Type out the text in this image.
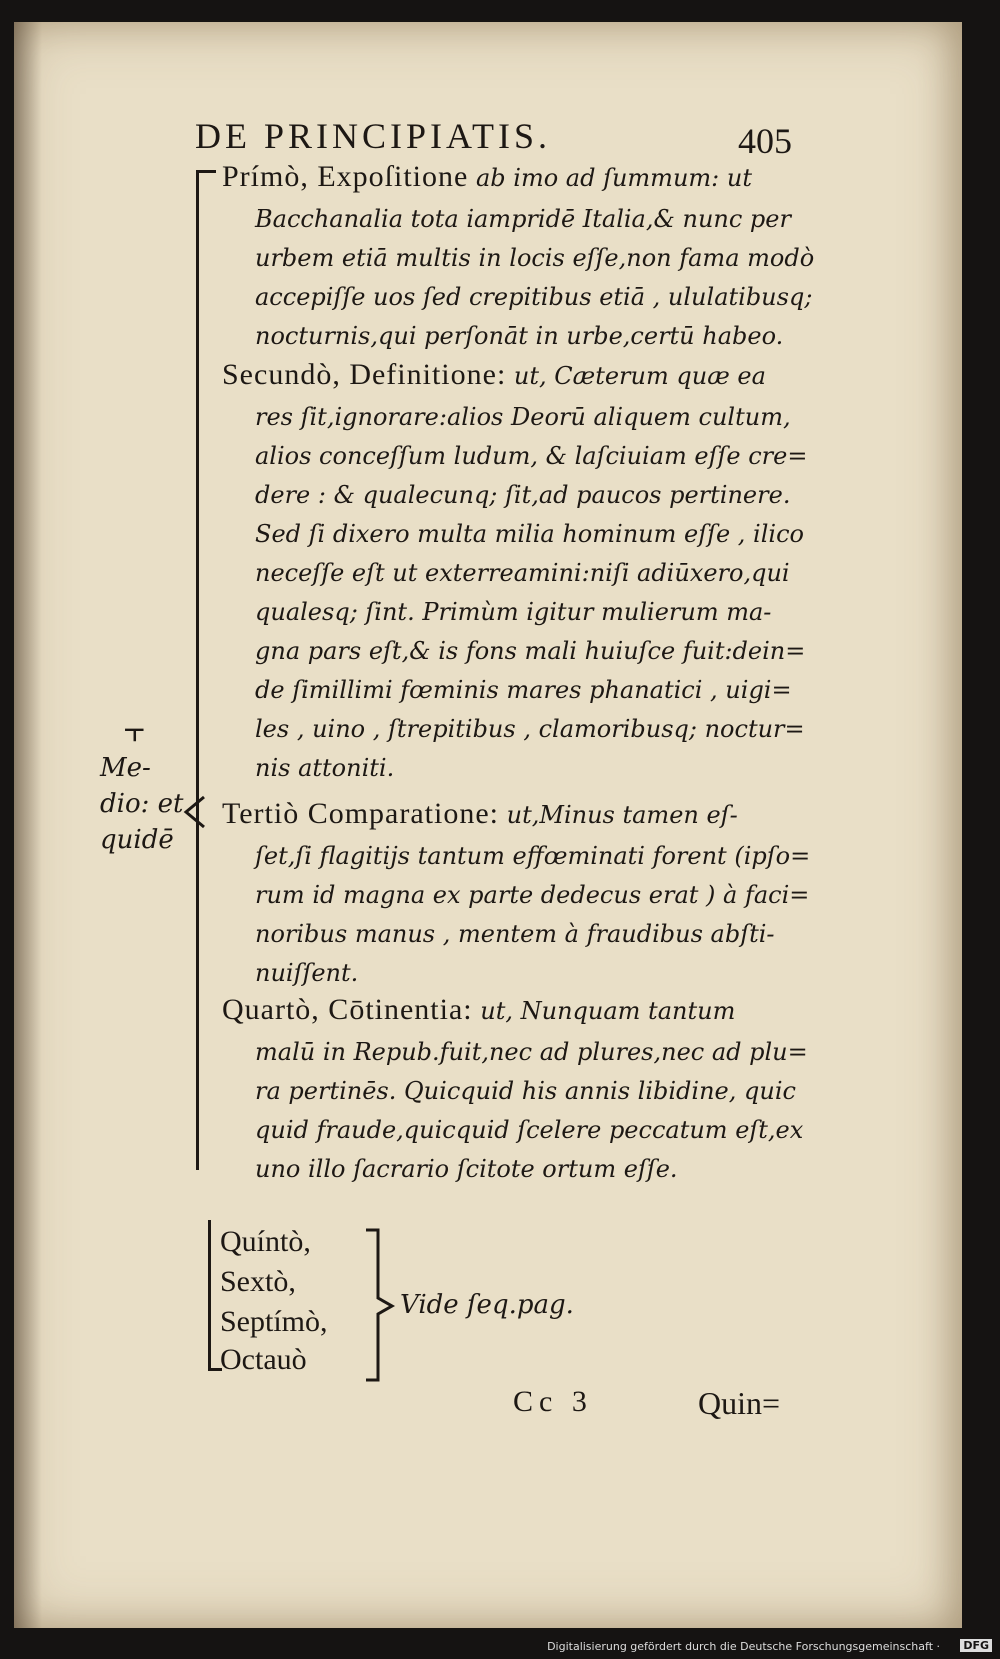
DE PRINCIPIATIS.	405
Prímò, Expoſitione ab imo ad ſummum: ut
Bacchanalia tota iampridē Italia,& nunc per
urbem etiā multis in locis eſſe,non fama modò
accepiſſe uos ſed crepitibus etiā , ululatibusq;
nocturnis,qui perſonāt in urbe,certū habeo.
Secundò, Definitione: ut, Cæterum quæ ea
res ſit,ignorare:alios Deorū aliquem cultum,
alios conceſſum ludum, & laſciuiam eſſe cre=
dere : & qualecunq; ſit,ad paucos pertinere.
Sed ſi dixero multa milia hominum eſſe , ilico
neceſſe eſt ut exterreamini:niſi adiūxero,qui
qualesq; ſint. Primùm igitur mulierum ma-
gna pars eſt,& is fons mali huiuſce fuit:dein=
de ſimillimi fœminis mares phanatici , uigi=
les , uino , ſtrepitibus , clamoribusq; noctur=
nis attoniti.
⫟
Me-
dio: et
quidē
Tertiò Comparatione: ut,Minus tamen eſ-
ſet,ſi flagitijs tantum effœminati forent (ipſo=
rum id magna ex parte dedecus erat ) à faci=
noribus manus , mentem à fraudibus abſti-
nuiſſent.
Quartò, Cōtinentia: ut, Nunquam tantum
malū in Repub.fuit,nec ad plures,nec ad plu=
ra pertinēs. Quicquid his annis libidine, quic
quid fraude,quicquid ſcelere peccatum eſt,ex
uno illo ſacrario ſcitote ortum eſſe.
Quíntò,
Sextò,
Septímò,
Octauò
Vide ſeq.pag.
Cc 3	Quin=
Digitalisierung gefördert durch die Deutsche Forschungsgemeinschaft · DFG
